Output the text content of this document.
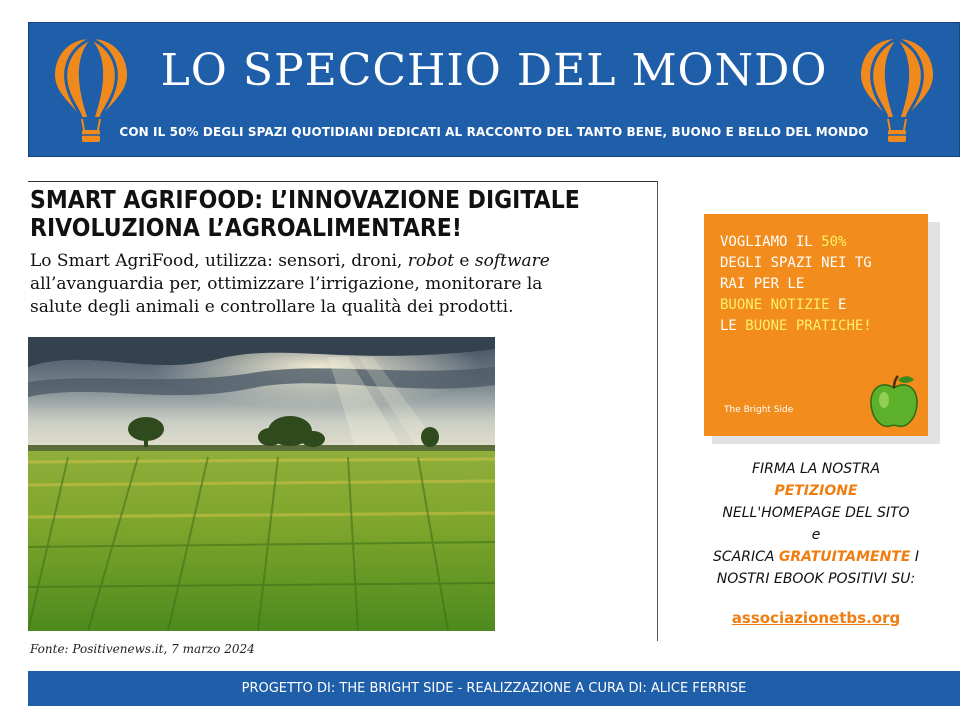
LO SPECCHIO DEL MONDO
CON IL 50% DEGLI SPAZI QUOTIDIANI DEDICATI AL RACCONTO DEL TANTO BENE, BUONO E BELLO DEL MONDO
SMART AGRIFOOD: L’INNOVAZIONE DIGITALE
RIVOLUZIONA L’AGROALIMENTARE!
Lo Smart AgriFood, utilizza: sensori, droni, robot e software all’avanguardia per, ottimizzare l’irrigazione, monitorare la salute degli animali e controllare la qualità dei prodotti.
Fonte: Positivenews.it, 7 marzo 2024
VOGLIAMO IL 50%
DEGLI SPAZI NEI TG
RAI PER LE
BUONE NOTIZIE E
LE BUONE PRATICHE!
The Bright Side
FIRMA LA NOSTRA
PETIZIONE
NELL'HOMEPAGE DEL SITO
e
SCARICA GRATUITAMENTE I
NOSTRI EBOOK POSITIVI SU:
associazionetbs.org
PROGETTO DI: THE BRIGHT SIDE - REALIZZAZIONE A CURA DI: ALICE FERRISE
